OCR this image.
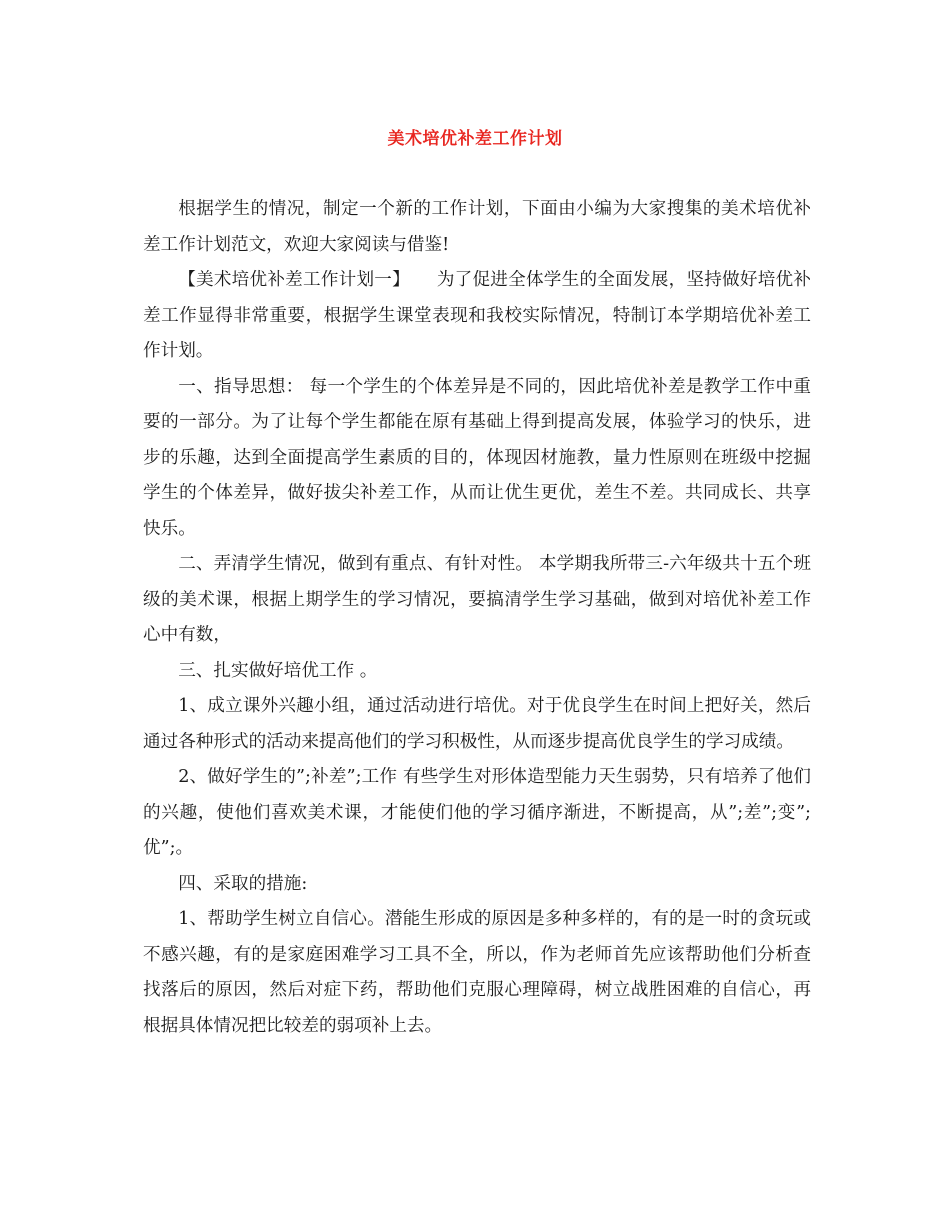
美术培优补差工作计划

根据学生的情况，制定一个新的工作计划，下面由小编为大家搜集的美术培优补差工作计划范文，欢迎大家阅读与借鉴!

【美术培优补差工作计划一】　　为了促进全体学生的全面发展，坚持做好培优补差工作显得非常重要，根据学生课堂表现和我校实际情况，特制订本学期培优补差工作计划。

一、指导思想： 每一个学生的个体差异是不同的，因此培优补差是教学工作中重要的一部分。为了让每个学生都能在原有基础上得到提高发展，体验学习的快乐，进步的乐趣，达到全面提高学生素质的目的，体现因材施教，量力性原则在班级中挖掘学生的个体差异，做好拔尖补差工作，从而让优生更优，差生不差。共同成长、共享快乐。

二、弄清学生情况，做到有重点、有针对性。 本学期我所带三-六年级共十五个班级的美术课，根据上期学生的学习情况，要搞清学生学习基础，做到对培优补差工作心中有数，

三、扎实做好培优工作 。

1、成立课外兴趣小组，通过活动进行培优。对于优良学生在时间上把好关，然后通过各种形式的活动来提高他们的学习积极性，从而逐步提高优良学生的学习成绩。

2、做好学生的”;补差”;工作 有些学生对形体造型能力天生弱势，只有培养了他们的兴趣，使他们喜欢美术课，才能使们他的学习循序渐进，不断提高，从”;差”;变”;优”;。

四、采取的措施:

1、帮助学生树立自信心。潜能生形成的原因是多种多样的，有的是一时的贪玩或不感兴趣，有的是家庭困难学习工具不全，所以，作为老师首先应该帮助他们分析查找落后的原因，然后对症下药，帮助他们克服心理障碍，树立战胜困难的自信心，再根据具体情况把比较差的弱项补上去。
